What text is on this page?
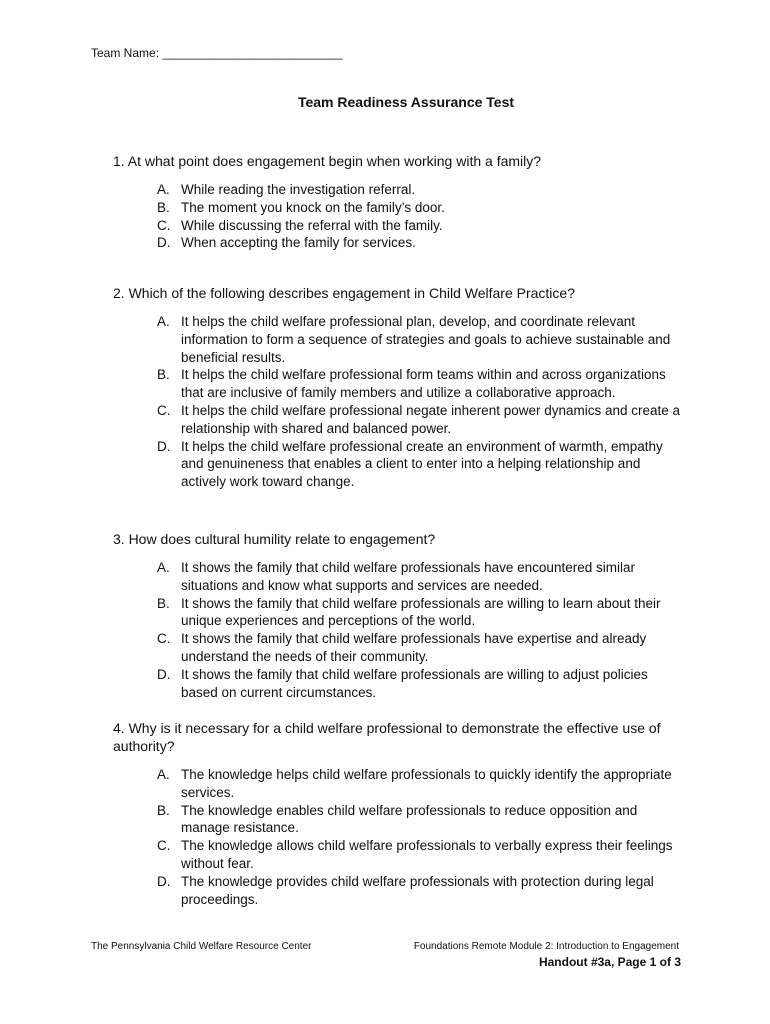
Team Name: ___________________________
Team Readiness Assurance Test

1. At what point does engagement begin when working with a family?

A. While reading the investigation referral.
B. The moment you knock on the family’s door.
C. While discussing the referral with the family.
D. When accepting the family for services.

2. Which of the following describes engagement in Child Welfare Practice?

A. It helps the child welfare professional plan, develop, and coordinate relevant information to form a sequence of strategies and goals to achieve sustainable and beneficial results.
B. It helps the child welfare professional form teams within and across organizations that are inclusive of family members and utilize a collaborative approach.
C. It helps the child welfare professional negate inherent power dynamics and create a relationship with shared and balanced power.
D. It helps the child welfare professional create an environment of warmth, empathy and genuineness that enables a client to enter into a helping relationship and actively work toward change.

3. How does cultural humility relate to engagement?

A. It shows the family that child welfare professionals have encountered similar situations and know what supports and services are needed.
B. It shows the family that child welfare professionals are willing to learn about their unique experiences and perceptions of the world.
C. It shows the family that child welfare professionals have expertise and already understand the needs of their community.
D. It shows the family that child welfare professionals are willing to adjust policies based on current circumstances.

4. Why is it necessary for a child welfare professional to demonstrate the effective use of authority?

A. The knowledge helps child welfare professionals to quickly identify the appropriate services.
B. The knowledge enables child welfare professionals to reduce opposition and manage resistance.
C. The knowledge allows child welfare professionals to verbally express their feelings without fear.
D. The knowledge provides child welfare professionals with protection during legal proceedings.
The Pennsylvania Child Welfare Resource Center	Foundations Remote Module 2: Introduction to Engagement
Handout #3a, Page 1 of 3
